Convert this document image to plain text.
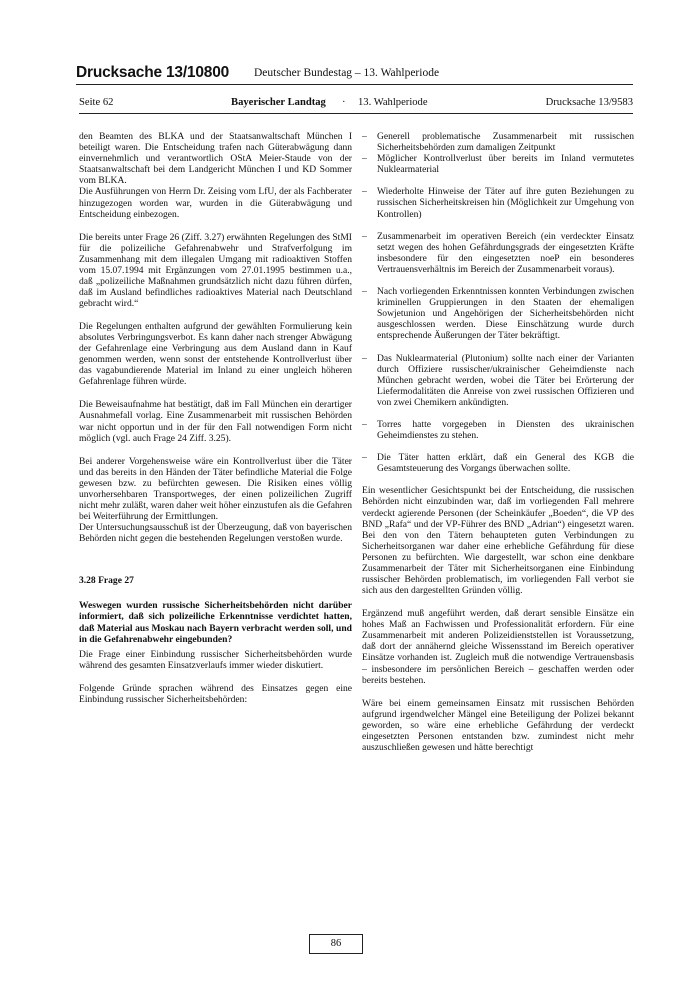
Drucksache 13/10800 Deutscher Bundestag – 13. Wahlperiode
Seite 62	Bayerischer Landtag · 13. Wahlperiode	Drucksache 13/9583

den Beamten des BLKA und der Staatsanwaltschaft München I beteiligt waren. Die Entscheidung trafen nach Güterabwägung dann einvernehmlich und verantwortlich OStA Meier-Staude von der Staatsanwaltschaft bei dem Landgericht München I und KD Sommer vom BLKA.

Die Ausführungen von Herrn Dr. Zeising vom LfU, der als Fachberater hinzugezogen worden war, wurden in die Güterabwägung und Entscheidung einbezogen.

Die bereits unter Frage 26 (Ziff. 3.27) erwähnten Regelungen des StMI für die polizeiliche Gefahrenabwehr und Strafverfolgung im Zusammenhang mit dem illegalen Umgang mit radioaktiven Stoffen vom 15.07.1994 mit Ergänzungen vom 27.01.1995 bestimmen u.a., daß „polizeiliche Maßnahmen grundsätzlich nicht dazu führen dürfen, daß im Ausland befindliches radioaktives Material nach Deutschland gebracht wird.“

Die Regelungen enthalten aufgrund der gewählten Formulierung kein absolutes Verbringungsverbot. Es kann daher nach strenger Abwägung der Gefahrenlage eine Verbringung aus dem Ausland dann in Kauf genommen werden, wenn sonst der entstehende Kontrollverlust über das vagabundierende Material im Inland zu einer ungleich höheren Gefahrenlage führen würde.

Die Beweisaufnahme hat bestätigt, daß im Fall München ein derartiger Ausnahmefall vorlag. Eine Zusammenarbeit mit russischen Behörden war nicht opportun und in der für den Fall notwendigen Form nicht möglich (vgl. auch Frage 24 Ziff. 3.25).

Bei anderer Vorgehensweise wäre ein Kontrollverlust über die Täter und das bereits in den Händen der Täter befindliche Material die Folge gewesen bzw. zu befürchten gewesen. Die Risiken eines völlig unvorhersehbaren Transportweges, der einen polizeilichen Zugriff nicht mehr zuläßt, waren daher weit höher einzustufen als die Gefahren bei Weiterführung der Ermittlungen.

Der Untersuchungsausschuß ist der Überzeugung, daß von bayerischen Behörden nicht gegen die bestehenden Regelungen verstoßen wurde.

3.28 Frage 27

Weswegen wurden russische Sicherheitsbehörden nicht darüber informiert, daß sich polizeiliche Erkenntnisse verdichtet hatten, daß Material aus Moskau nach Bayern verbracht werden soll, und in die Gefahrenabwehr eingebunden?

Die Frage einer Einbindung russischer Sicherheitsbehörden wurde während des gesamten Einsatzverlaufs immer wieder diskutiert.

Folgende Gründe sprachen während des Einsatzes gegen eine Einbindung russischer Sicherheitsbehörden:

– Generell problematische Zusammenarbeit mit russischen Sicherheitsbehörden zum damaligen Zeitpunkt
– Möglicher Kontrollverlust über bereits im Inland vermutetes Nuklearmaterial
– Wiederholte Hinweise der Täter auf ihre guten Beziehungen zu russischen Sicherheitskreisen hin (Möglichkeit zur Umgehung von Kontrollen)
– Zusammenarbeit im operativen Bereich (ein verdeckter Einsatz setzt wegen des hohen Gefährdungsgrads der eingesetzten Kräfte insbesondere für den eingesetzten noeP ein besonderes Vertrauensverhältnis im Bereich der Zusammenarbeit voraus).
– Nach vorliegenden Erkenntnissen konnten Verbindungen zwischen kriminellen Gruppierungen in den Staaten der ehemaligen Sowjetunion und Angehörigen der Sicherheitsbehörden nicht ausgeschlossen werden. Diese Einschätzung wurde durch entsprechende Äußerungen der Täter bekräftigt.
– Das Nuklearmaterial (Plutonium) sollte nach einer der Varianten durch Offiziere russischer/ukrainischer Geheimdienste nach München gebracht werden, wobei die Täter bei Erörterung der Liefermodalitäten die Anreise von zwei russischen Offizieren und von zwei Chemikern ankündigten.
– Torres hatte vorgegeben in Diensten des ukrainischen Geheimdienstes zu stehen.
– Die Täter hatten erklärt, daß ein General des KGB die Gesamtsteuerung des Vorgangs überwachen sollte.

Ein wesentlicher Gesichtspunkt bei der Entscheidung, die russischen Behörden nicht einzubinden war, daß im vorliegenden Fall mehrere verdeckt agierende Personen (der Scheinkäufer „Boeden“, die VP des BND „Rafa“ und der VP-Führer des BND „Adrian“) eingesetzt waren. Bei den von den Tätern behaupteten guten Verbindungen zu Sicherheitsorganen war daher eine erhebliche Gefährdung für diese Personen zu befürchten. Wie dargestellt, war schon eine denkbare Zusammenarbeit der Täter mit Sicherheitsorganen eine Einbindung russischer Behörden problematisch, im vorliegenden Fall verbot sie sich aus den dargestellten Gründen völlig.

Ergänzend muß angeführt werden, daß derart sensible Einsätze ein hohes Maß an Fachwissen und Professionalität erfordern. Für eine Zusammenarbeit mit anderen Polizeidienststellen ist Voraussetzung, daß dort der annähernd gleiche Wissensstand im Bereich operativer Einsätze vorhanden ist. Zugleich muß die notwendige Vertrauensbasis – insbesondere im persönlichen Bereich – geschaffen werden oder bereits bestehen.

Wäre bei einem gemeinsamen Einsatz mit russischen Behörden aufgrund irgendwelcher Mängel eine Beteiligung der Polizei bekannt geworden, so wäre eine erhebliche Gefährdung der verdeckt eingesetzten Personen entstanden bzw. zumindest nicht mehr auszuschließen gewesen und hätte berechtigt

86
